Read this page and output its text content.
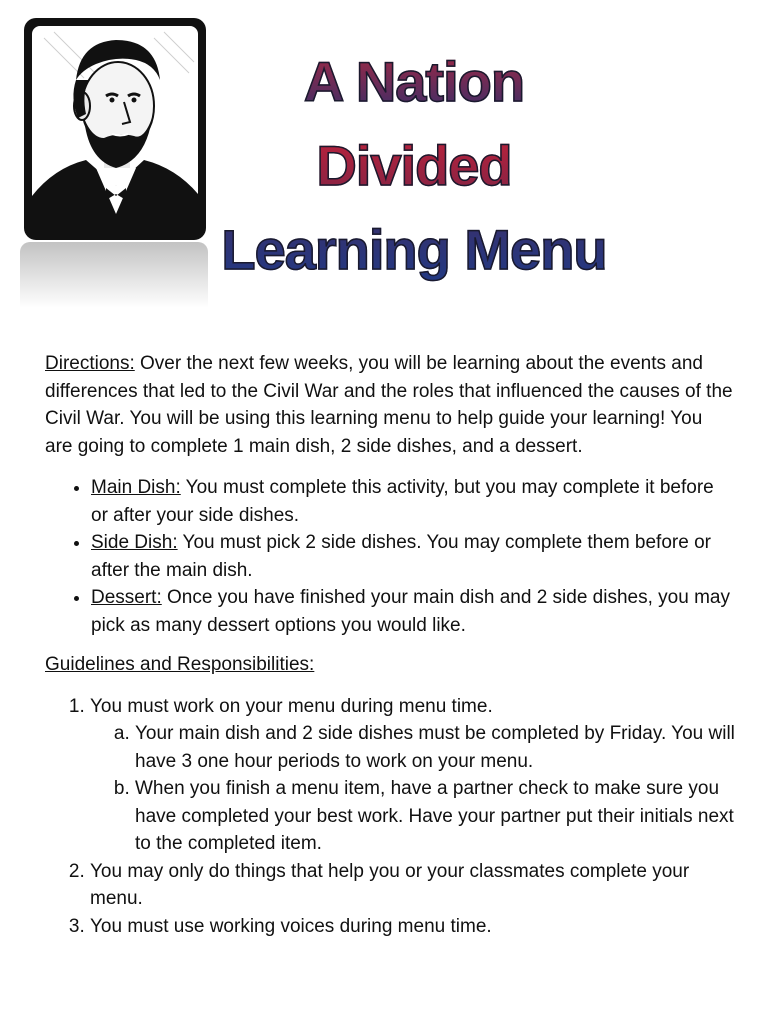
A Nation
Divided
Learning Menu

Directions: Over the next few weeks, you will be learning about the events and differences that led to the Civil War and the roles that influenced the causes of the Civil War. You will be using this learning menu to help guide your learning! You are going to complete 1 main dish, 2 side dishes, and a dessert.

• Main Dish: You must complete this activity, but you may complete it before or after your side dishes.
• Side Dish: You must pick 2 side dishes. You may complete them before or after the main dish.
• Dessert: Once you have finished your main dish and 2 side dishes, you may pick as many dessert options you would like.

Guidelines and Responsibilities:

1. You must work on your menu during menu time.
a. Your main dish and 2 side dishes must be completed by Friday. You will have 3 one hour periods to work on your menu.
b. When you finish a menu item, have a partner check to make sure you have completed your best work. Have your partner put their initials next to the completed item.
2. You may only do things that help you or your classmates complete your menu.
3. You must use working voices during menu time.
